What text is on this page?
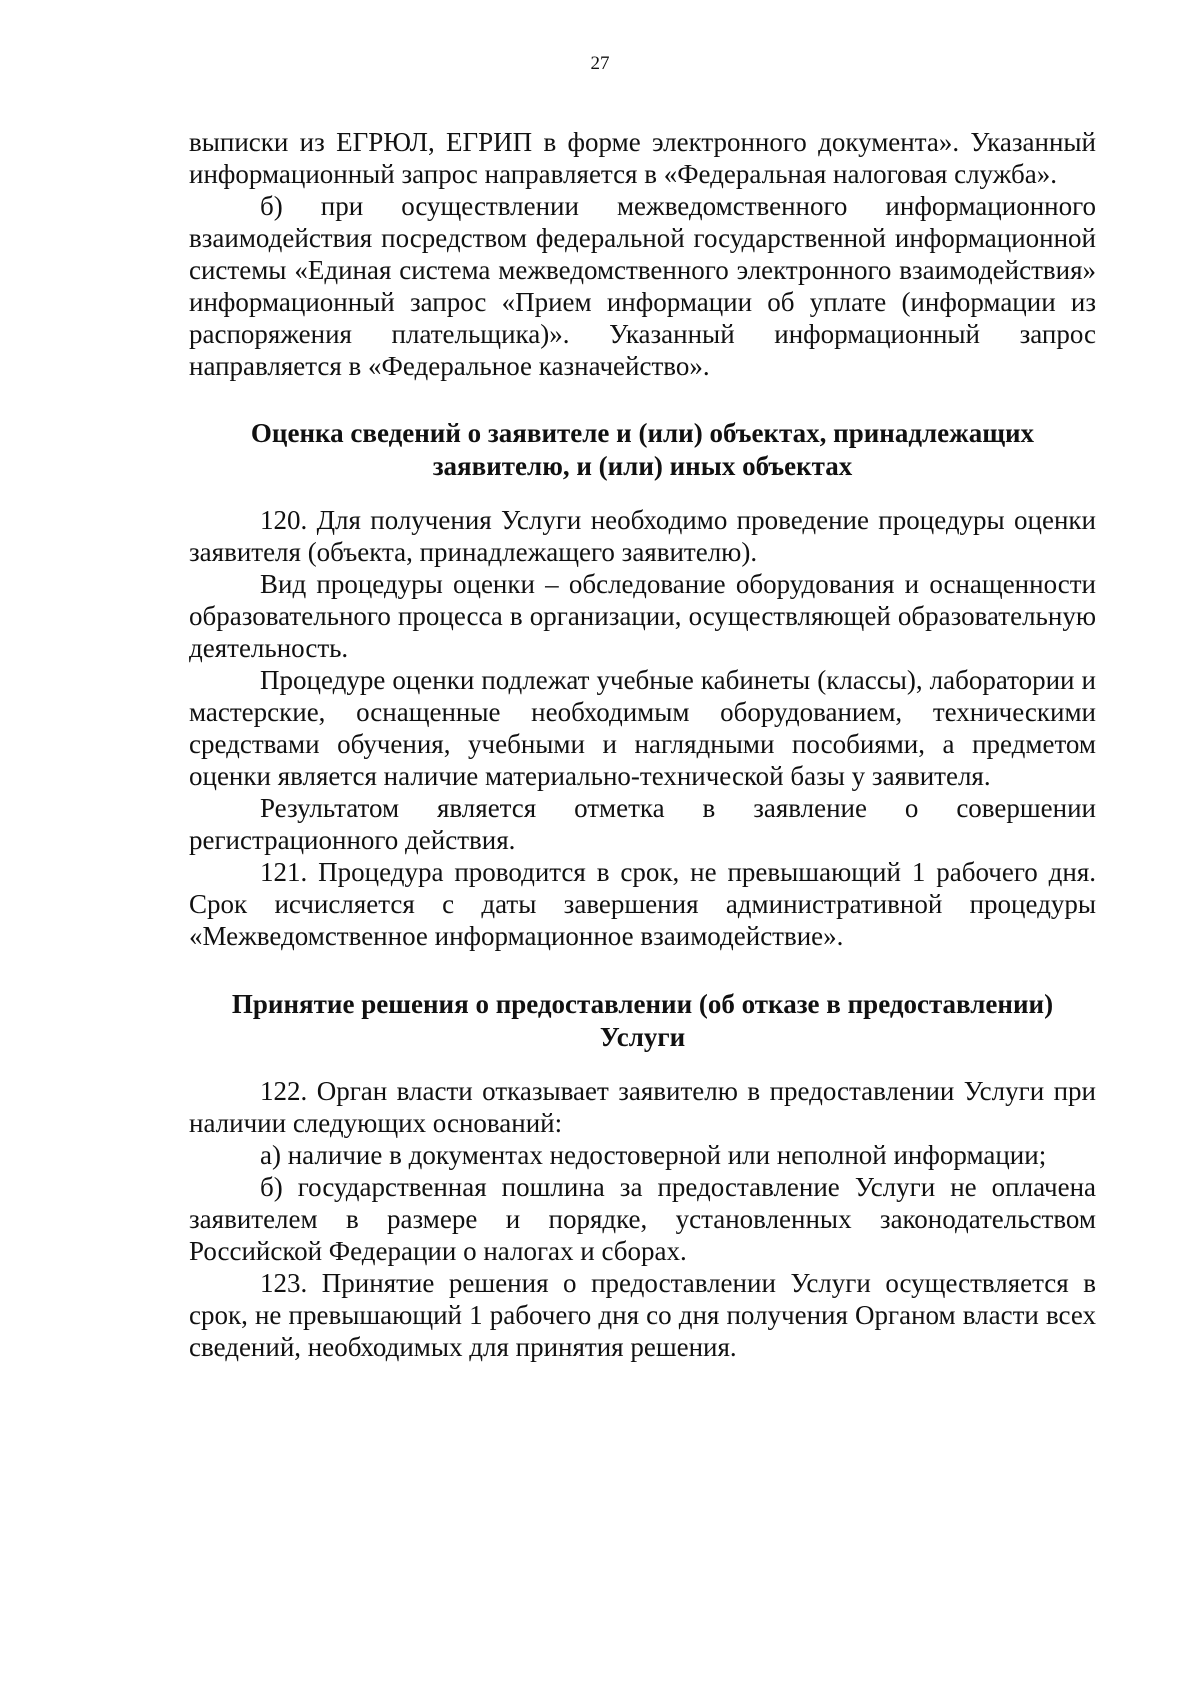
27

выписки из ЕГРЮЛ, ЕГРИП в форме электронного документа». Указанный информационный запрос направляется в «Федеральная налоговая служба».

б) при осуществлении межведомственного информационного взаимодействия посредством федеральной государственной информационной системы «Единая система межведомственного электронного взаимодействия» информационный запрос «Прием информации об уплате (информации из распоряжения плательщика)». Указанный информационный запрос направляется в «Федеральное казначейство».

Оценка сведений о заявителе и (или) объектах, принадлежащих
заявителю, и (или) иных объектах

120. Для получения Услуги необходимо проведение процедуры оценки заявителя (объекта, принадлежащего заявителю).

Вид процедуры оценки – обследование оборудования и оснащенности образовательного процесса в организации, осуществляющей образовательную деятельность.

Процедуре оценки подлежат учебные кабинеты (классы), лаборатории и мастерские, оснащенные необходимым оборудованием, техническими средствами обучения, учебными и наглядными пособиями, а предметом оценки является наличие материально-технической базы у заявителя.

Результатом является отметка в заявление о совершении регистрационного действия.

121. Процедура проводится в срок, не превышающий 1 рабочего дня. Срок исчисляется с даты завершения административной процедуры «Межведомственное информационное взаимодействие».

Принятие решения о предоставлении (об отказе в предоставлении)
Услуги

122. Орган власти отказывает заявителю в предоставлении Услуги при наличии следующих оснований:

а) наличие в документах недостоверной или неполной информации;

б) государственная пошлина за предоставление Услуги не оплачена заявителем в размере и порядке, установленных законодательством Российской Федерации о налогах и сборах.

123. Принятие решения о предоставлении Услуги осуществляется в срок, не превышающий 1 рабочего дня со дня получения Органом власти всех сведений, необходимых для принятия решения.
